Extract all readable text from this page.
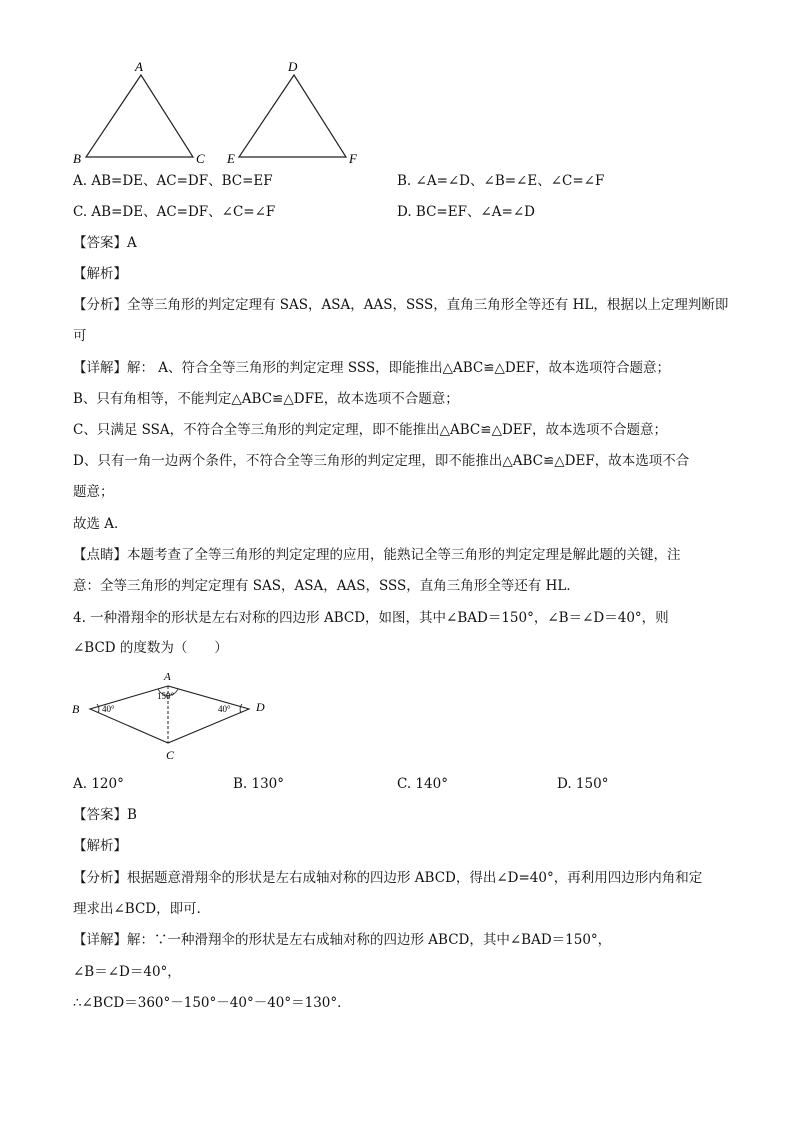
A
B	C
D
E	F
A. AB=DE、AC=DF、BC=EF	B. ∠A=∠D、∠B=∠E、∠C=∠F
C. AB=DE、AC=DF、∠C=∠F	D. BC=EF、∠A=∠D
【答案】A
【解析】
【分析】全等三角形的判定定理有 SAS，ASA，AAS，SSS，直角三角形全等还有 HL，根据以上定理判断即
可
【详解】解： A、符合全等三角形的判定定理 SSS，即能推出△ABC≌△DEF，故本选项符合题意；
B、只有角相等，不能判定△ABC≌△DFE，故本选项不合题意；
C、只满足 SSA，不符合全等三角形的判定定理，即不能推出△ABC≌△DEF，故本选项不合题意；
D、只有一角一边两个条件，不符合全等三角形的判定定理，即不能推出△ABC≌△DEF，故本选项不合
题意；
故选 A．
【点睛】本题考查了全等三角形的判定定理的应用，能熟记全等三角形的判定定理是解此题的关键，注
意：全等三角形的判定定理有 SAS，ASA，AAS，SSS，直角三角形全等还有 HL．
4. 一种滑翔伞的形状是左右对称的四边形 ABCD，如图，其中∠BAD＝150°，∠B＝∠D＝40°，则
∠BCD 的度数为（　　）
A
B
C
D
150°
40°	40°
A. 120°	B. 130°	C. 140°	D. 150°
【答案】B
【解析】
【分析】根据题意滑翔伞的形状是左右成轴对称的四边形 ABCD，得出∠D=40°，再利用四边形内角和定
理求出∠BCD，即可．
【详解】解：∵一种滑翔伞的形状是左右成轴对称的四边形 ABCD，其中∠BAD＝150°，
∠B＝∠D＝40°，
∴∠BCD＝360°－150°－40°－40°＝130°．
